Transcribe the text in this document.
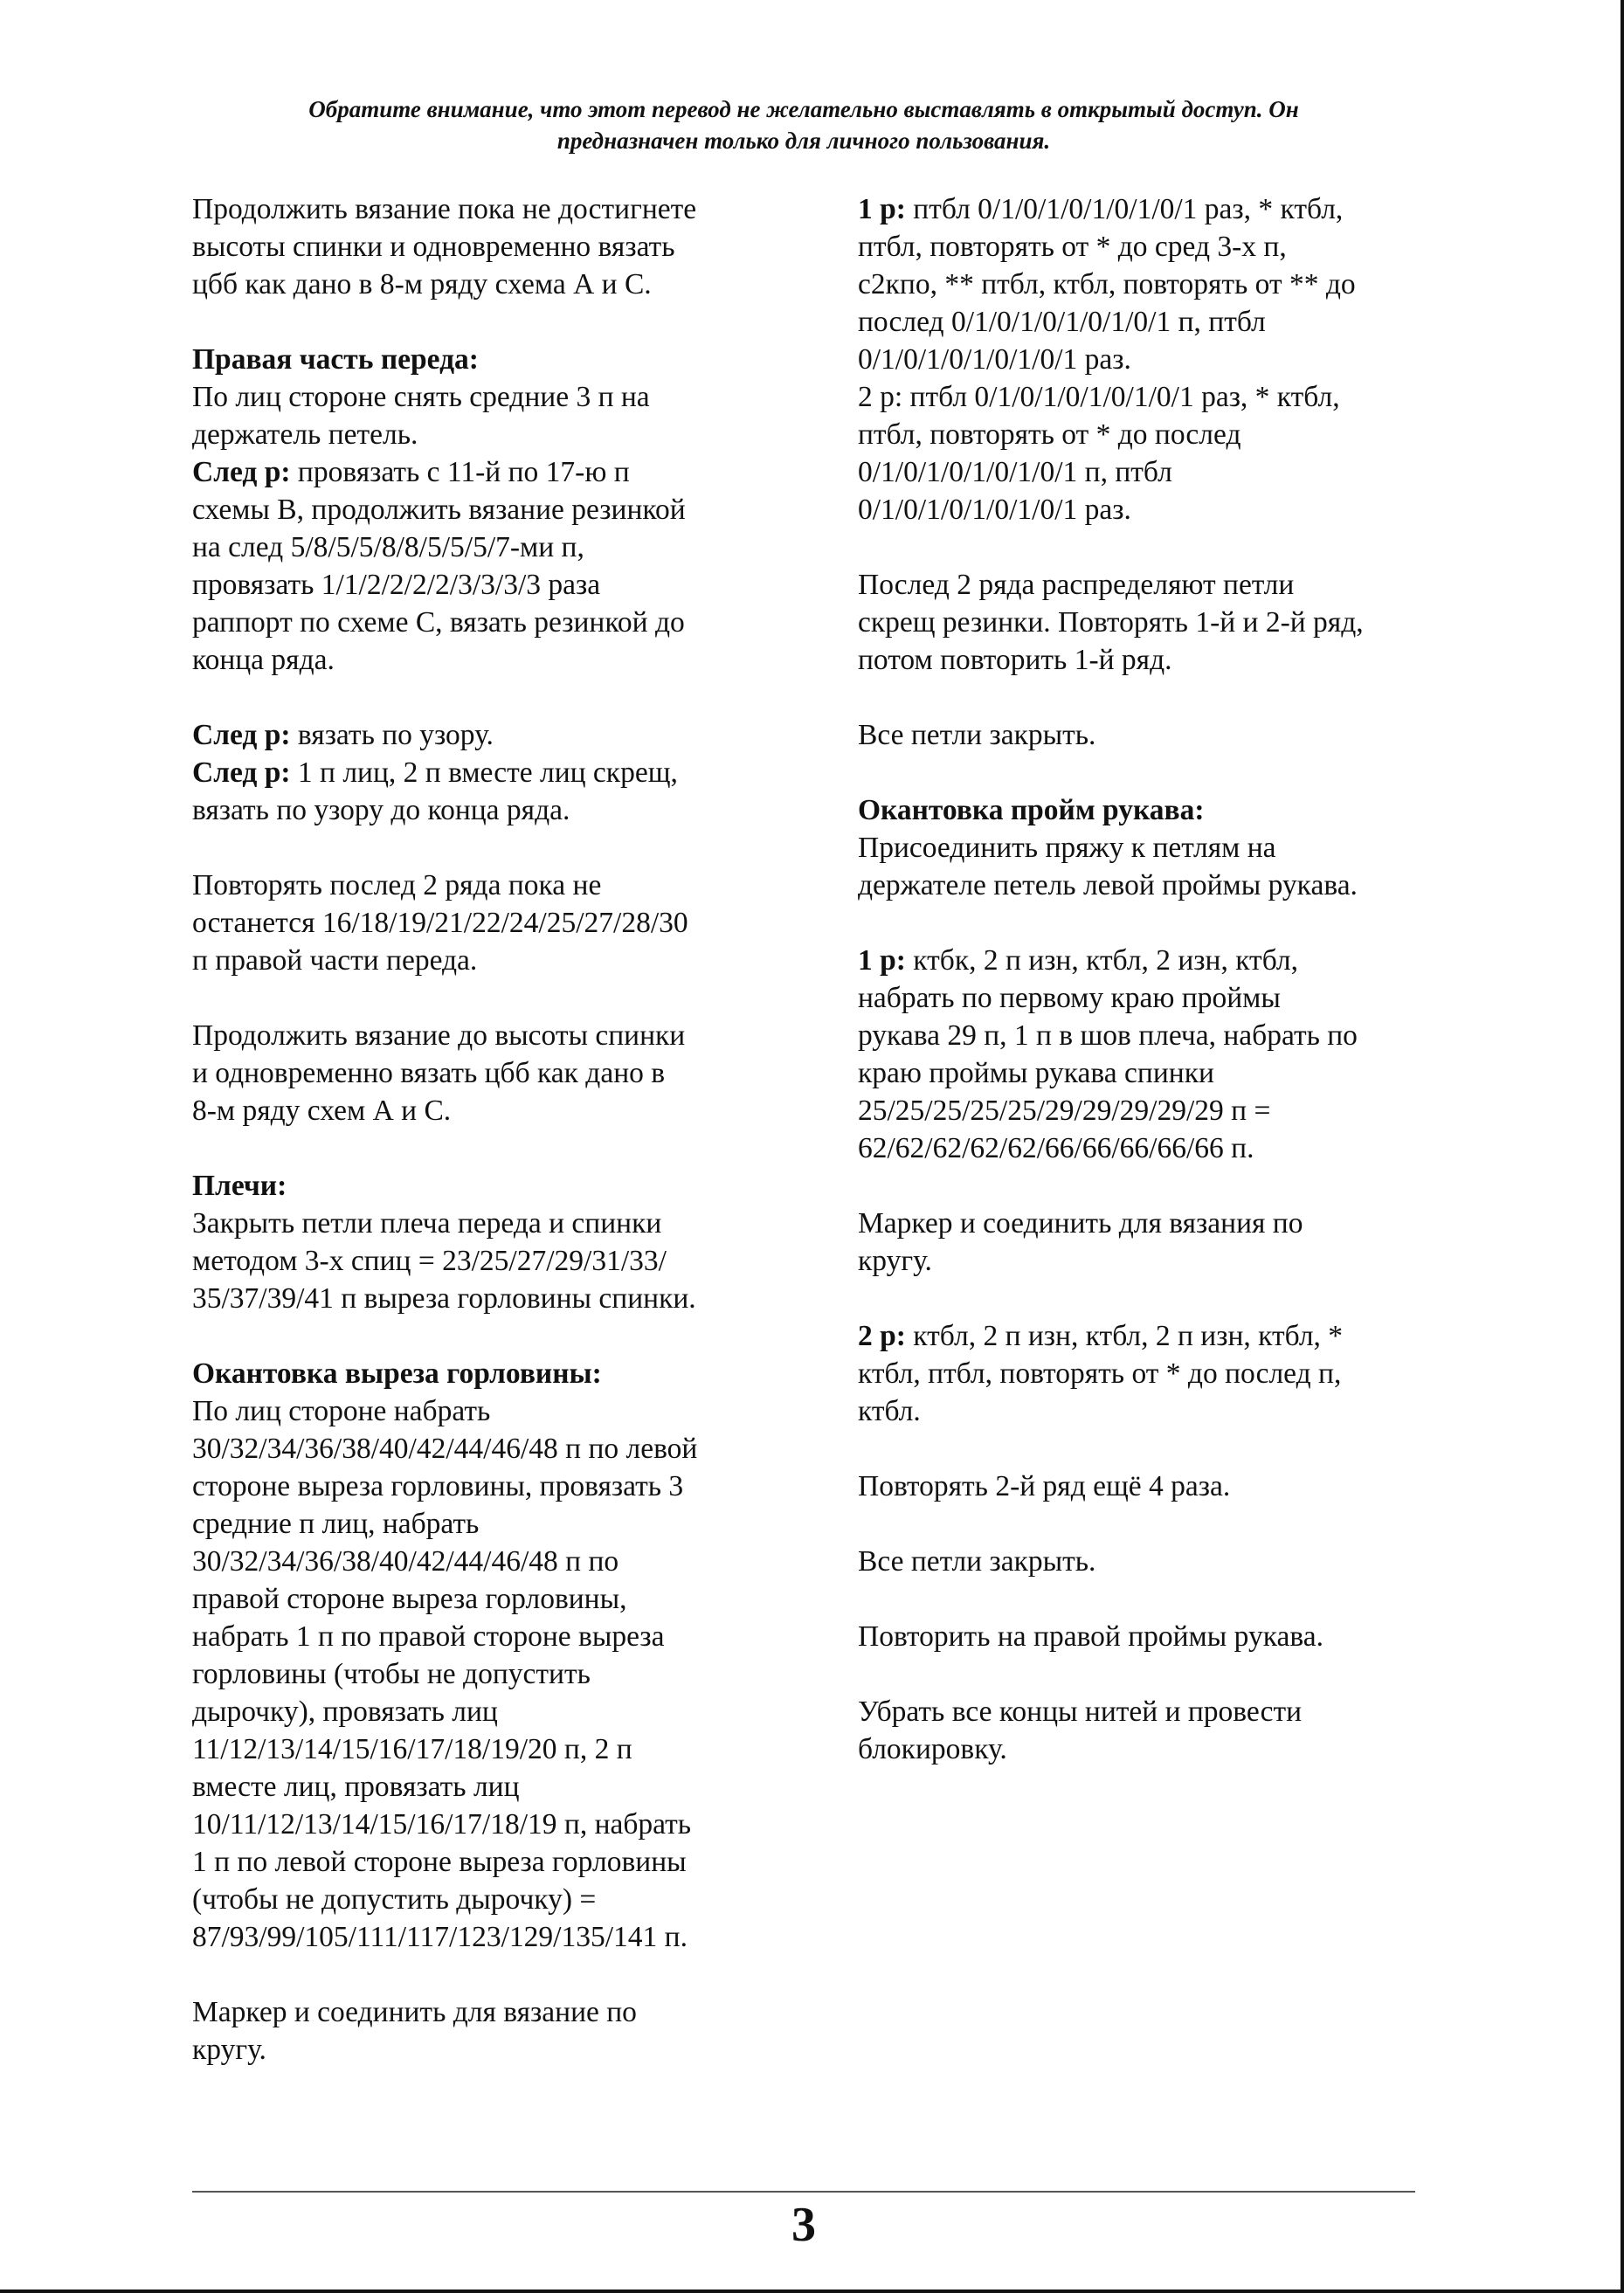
Обратите внимание, что этот перевод не желательно выставлять в открытый доступ. Он
предназначен только для личного пользования.
Продолжить вязание пока не достигнете
высоты спинки и одновременно вязать
цбб как дано в 8-м ряду схема А и С.
Правая часть переда:
По лиц стороне снять средние 3 п на
держатель петель.
След р: провязать с 11-й по 17-ю п
схемы В, продолжить вязание резинкой
на след 5/8/5/5/8/8/5/5/5/7-ми п,
провязать 1/1/2/2/2/2/3/3/3/3 раза
раппорт по схеме С, вязать резинкой до
конца ряда.
След р: вязать по узору.
След р: 1 п лиц, 2 п вместе лиц скрещ,
вязать по узору до конца ряда.
Повторять послед 2 ряда пока не
останется 16/18/19/21/22/24/25/27/28/30
п правой части переда.
Продолжить вязание до высоты спинки
и одновременно вязать цбб как дано в
8-м ряду схем А и С.
Плечи:
Закрыть петли плеча переда и спинки
методом 3-х спиц = 23/25/27/29/31/33/
35/37/39/41 п выреза горловины спинки.
Окантовка выреза горловины:
По лиц стороне набрать
30/32/34/36/38/40/42/44/46/48 п по левой
стороне выреза горловины, провязать 3
средние п лиц, набрать
30/32/34/36/38/40/42/44/46/48 п по
правой стороне выреза горловины,
набрать 1 п по правой стороне выреза
горловины (чтобы не допустить
дырочку), провязать лиц
11/12/13/14/15/16/17/18/19/20 п, 2 п
вместе лиц, провязать лиц
10/11/12/13/14/15/16/17/18/19 п, набрать
1 п по левой стороне выреза горловины
(чтобы не допустить дырочку) =
87/93/99/105/111/117/123/129/135/141 п.
Маркер и соединить для вязание по
кругу.
1 р: птбл 0/1/0/1/0/1/0/1/0/1 раз, * ктбл,
птбл, повторять от * до сред 3-х п,
с2кпо, ** птбл, ктбл, повторять от ** до
послед 0/1/0/1/0/1/0/1/0/1 п, птбл
0/1/0/1/0/1/0/1/0/1 раз.
2 р: птбл 0/1/0/1/0/1/0/1/0/1 раз, * ктбл,
птбл, повторять от * до послед
0/1/0/1/0/1/0/1/0/1 п, птбл
0/1/0/1/0/1/0/1/0/1 раз.
Послед 2 ряда распределяют петли
скрещ резинки. Повторять 1-й и 2-й ряд,
потом повторить 1-й ряд.
Все петли закрыть.
Окантовка пройм рукава:
Присоединить пряжу к петлям на
держателе петель левой проймы рукава.
1 р: ктбк, 2 п изн, ктбл, 2 изн, ктбл,
набрать по первому краю проймы
рукава 29 п, 1 п в шов плеча, набрать по
краю проймы рукава спинки
25/25/25/25/25/29/29/29/29/29 п =
62/62/62/62/62/66/66/66/66/66 п.
Маркер и соединить для вязания по
кругу.
2 р: ктбл, 2 п изн, ктбл, 2 п изн, ктбл, *
ктбл, птбл, повторять от * до послед п,
ктбл.
Повторять 2-й ряд ещё 4 раза.
Все петли закрыть.
Повторить на правой проймы рукава.
Убрать все концы нитей и провести
блокировку.
3
